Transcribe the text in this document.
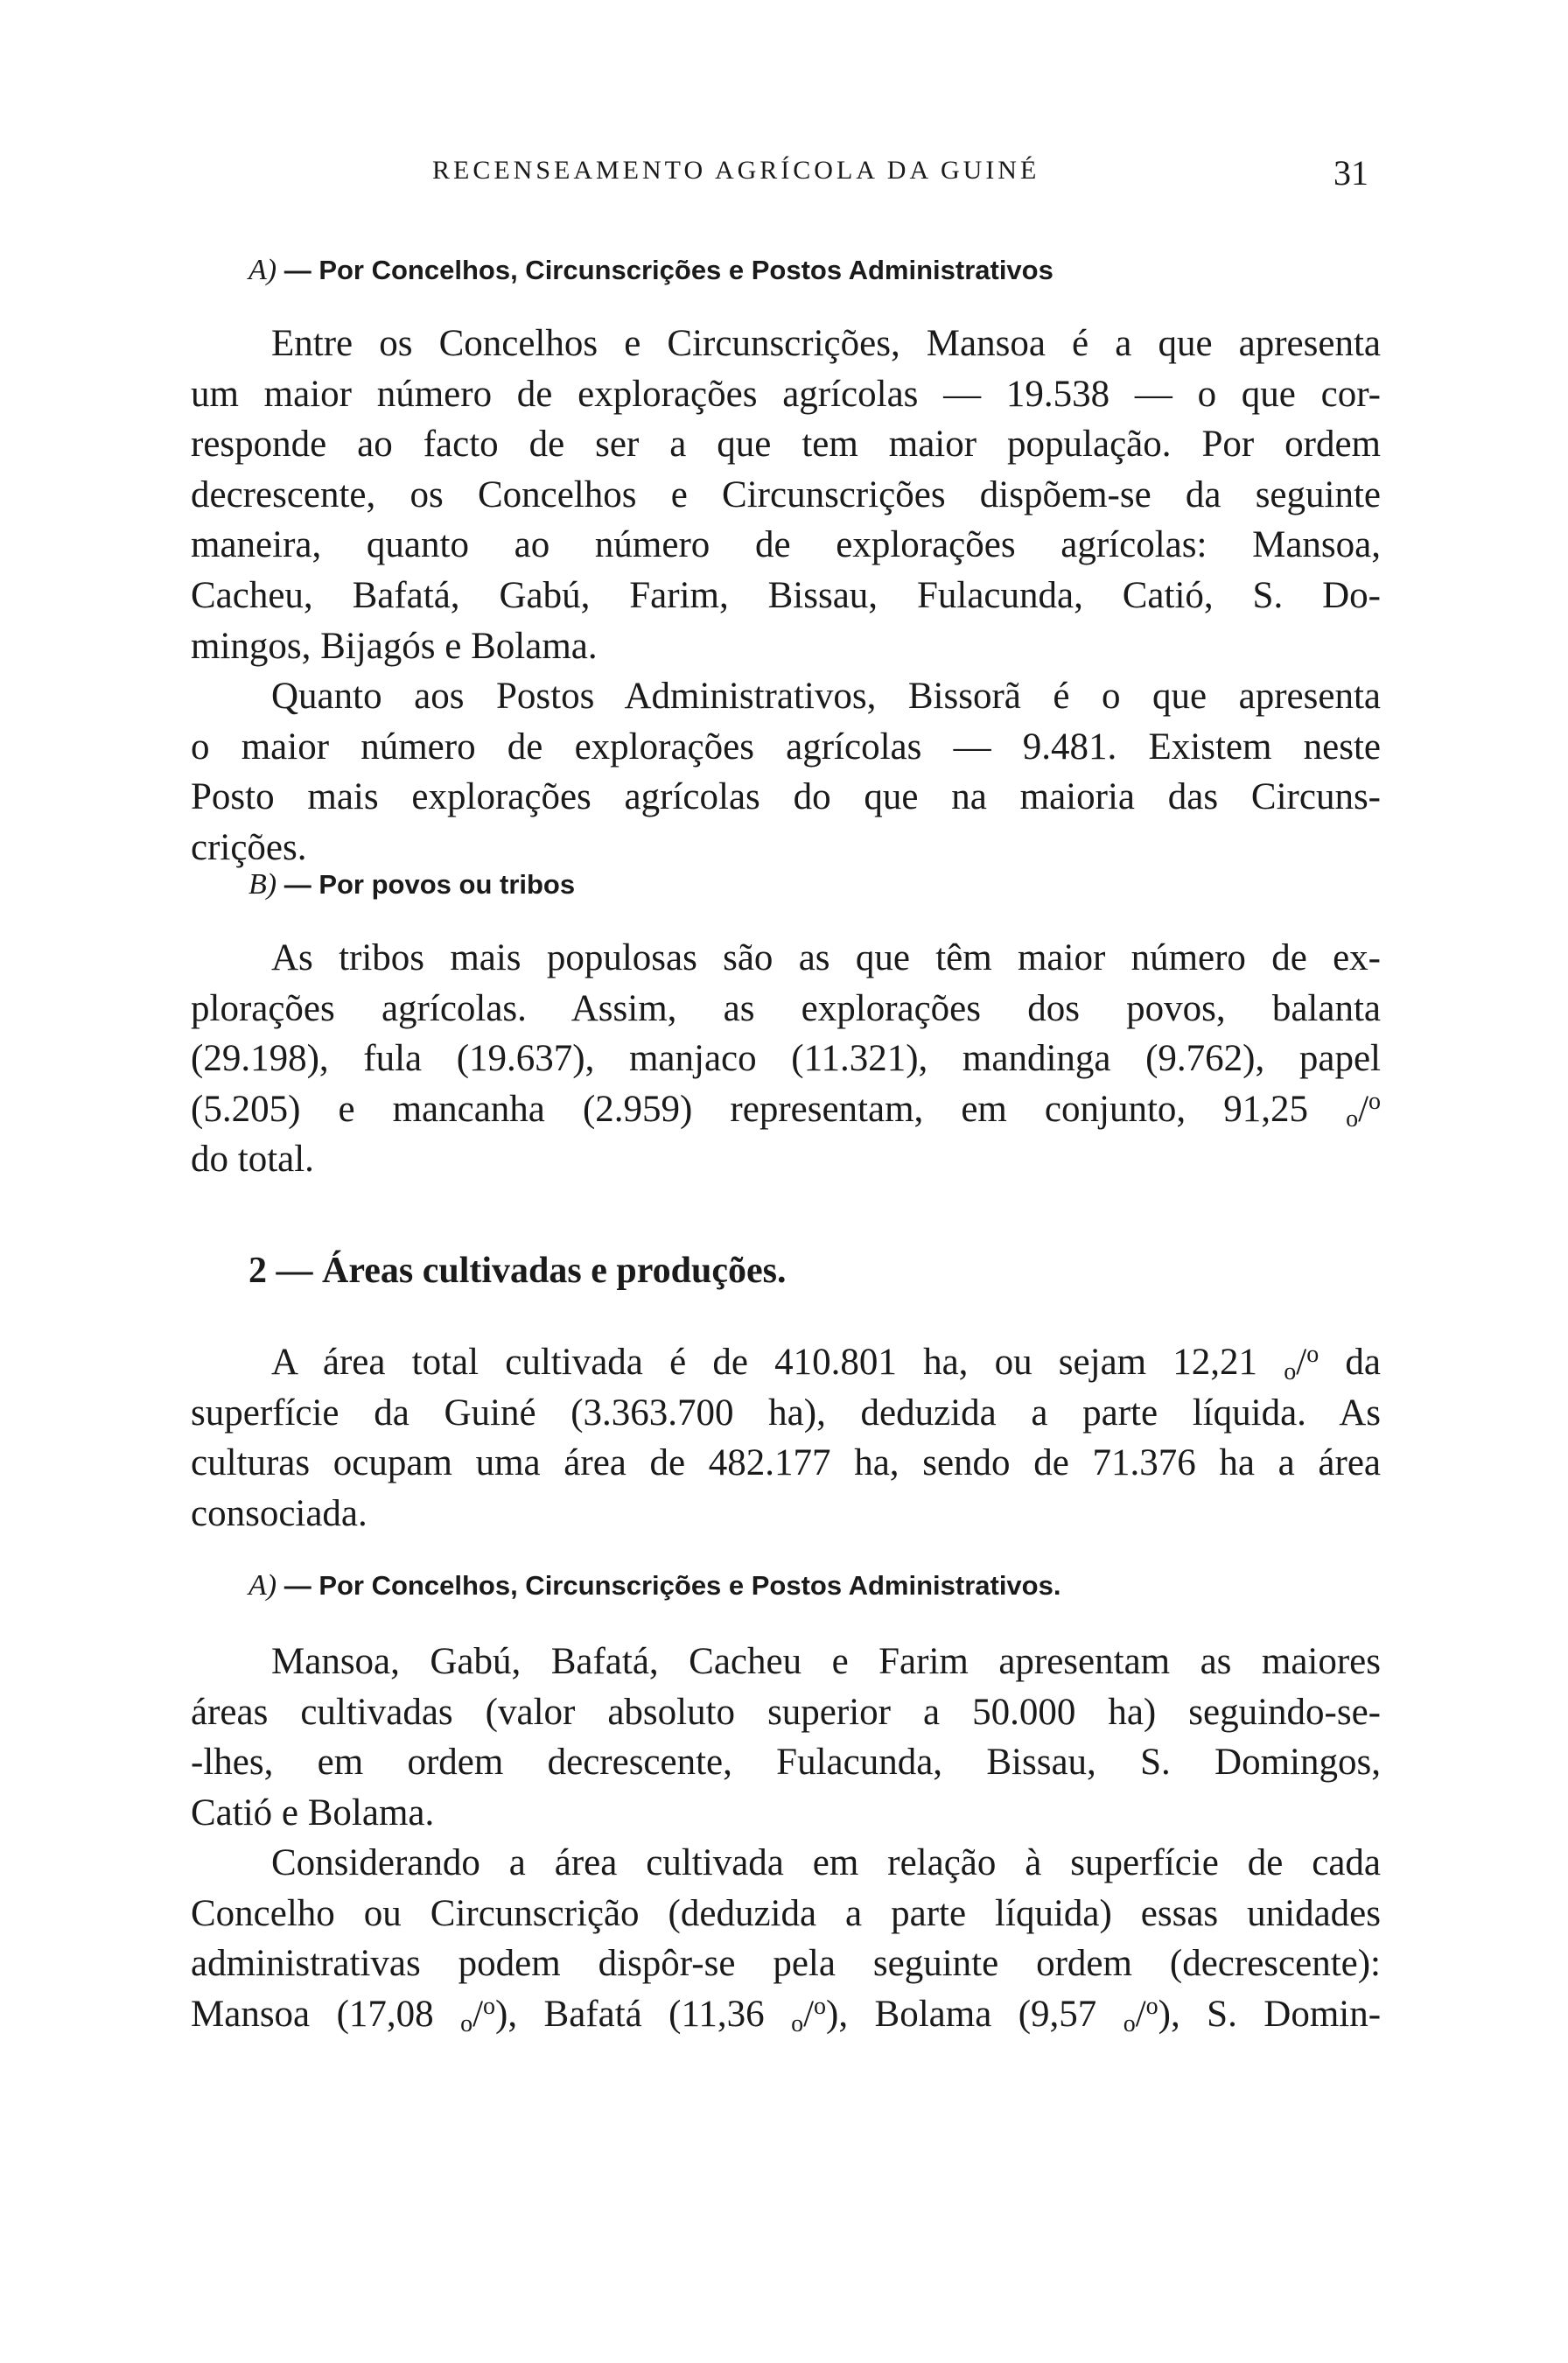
RECENSEAMENTO AGRÍCOLA DA GUINÉ	31
A) — Por Concelhos, Circunscrições e Postos Administrativos
Entre os Concelhos e Circunscrições, Mansoa é a que apresenta
um maior número de explorações agrícolas — 19.538 — o que cor-
responde ao facto de ser a que tem maior população. Por ordem
decrescente, os Concelhos e Circunscrições dispõem-se da seguinte
maneira, quanto ao número de explorações agrícolas: Mansoa,
Cacheu, Bafatá, Gabú, Farim, Bissau, Fulacunda, Catió, S. Do-
mingos, Bijagós e Bolama.
Quanto aos Postos Administrativos, Bissorã é o que apresenta
o maior número de explorações agrícolas — 9.481. Existem neste
Posto mais explorações agrícolas do que na maioria das Circuns-
crições.
B) — Por povos ou tribos
As tribos mais populosas são as que têm maior número de ex-
plorações agrícolas. Assim, as explorações dos povos, balanta
(29.198), fula (19.637), manjaco (11.321), mandinga (9.762), papel
(5.205) e mancanha (2.959) representam, em conjunto, 91,25 $_o$/$^o$
do total.
2 — Áreas cultivadas e produções.
A área total cultivada é de 410.801 ha, ou sejam 12,21 $_o$/$^o$ da
superfície da Guiné (3.363.700 ha), deduzida a parte líquida. As
culturas ocupam uma área de 482.177 ha, sendo de 71.376 ha a área
consociada.
A) — Por Concelhos, Circunscrições e Postos Administrativos.
Mansoa, Gabú, Bafatá, Cacheu e Farim apresentam as maiores
áreas cultivadas (valor absoluto superior a 50.000 ha) seguindo-se-
-lhes, em ordem decrescente, Fulacunda, Bissau, S. Domingos,
Catió e Bolama.
Considerando a área cultivada em relação à superfície de cada
Concelho ou Circunscrição (deduzida a parte líquida) essas unidades
administrativas podem dispôr-se pela seguinte ordem (decrescente):
Mansoa (17,08 $_o$/$^o$), Bafatá (11,36 $_o$/$^o$), Bolama (9,57 $_o$/$^o$), S. Domin-
